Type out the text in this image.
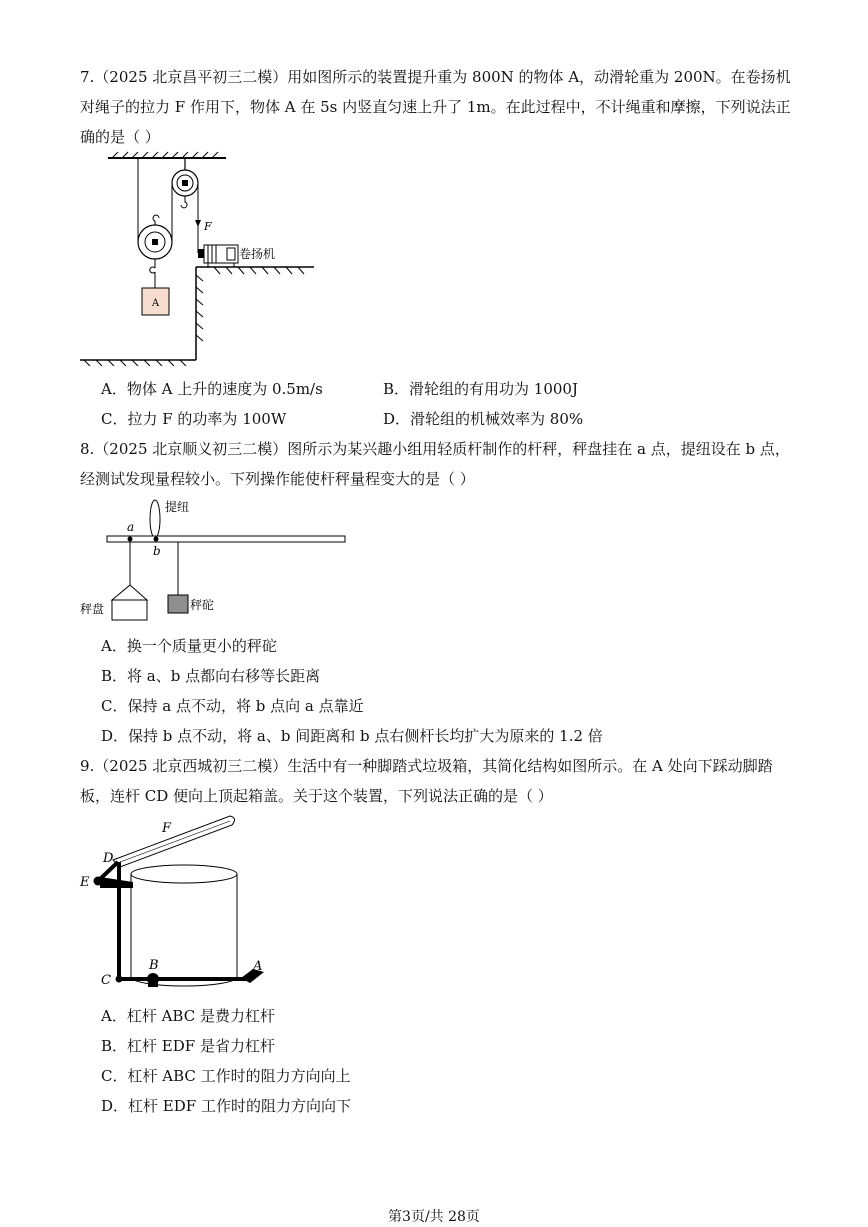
7.（2025 北京昌平初三二模）用如图所示的装置提升重为 800N 的物体 A，动滑轮重为 200N。在卷扬机对绳子的拉力 F 作用下，物体 A 在 5s 内竖直匀速上升了 1m。在此过程中，不计绳重和摩擦，下列说法正确的是（ ）

F
A
卷扬机
A．物体 A 上升的速度为 0.5m/s	B．滑轮组的有用功为 1000J
C．拉力 F 的功率为 100W	D．滑轮组的机械效率为 80%

8.（2025 北京顺义初三二模）图所示为某兴趣小组用轻质杆制作的杆秤，秤盘挂在 a 点，提纽设在 b 点，经测试发现量程较小。下列操作能使杆秤量程变大的是（ ）

提纽
a
b
秤盘	秤砣
A．换一个质量更小的秤砣
B．将 a、b 点都向右移等长距离
C．保持 a 点不动，将 b 点向 a 点靠近
D．保持 b 点不动，将 a、b 间距离和 b 点右侧杆长均扩大为原来的 1.2 倍

9.（2025 北京西城初三二模）生活中有一种脚踏式垃圾箱，其简化结构如图所示。在 A 处向下踩动脚踏板，连杆 CD 便向上顶起箱盖。关于这个装置，下列说法正确的是（ ）

F
D
E
C
B	A
A．杠杆 ABC 是费力杠杆
B．杠杆 EDF 是省力杠杆
C．杠杆 ABC 工作时的阻力方向向上
D．杠杆 EDF 工作时的阻力方向向下
第3页/共 28页
